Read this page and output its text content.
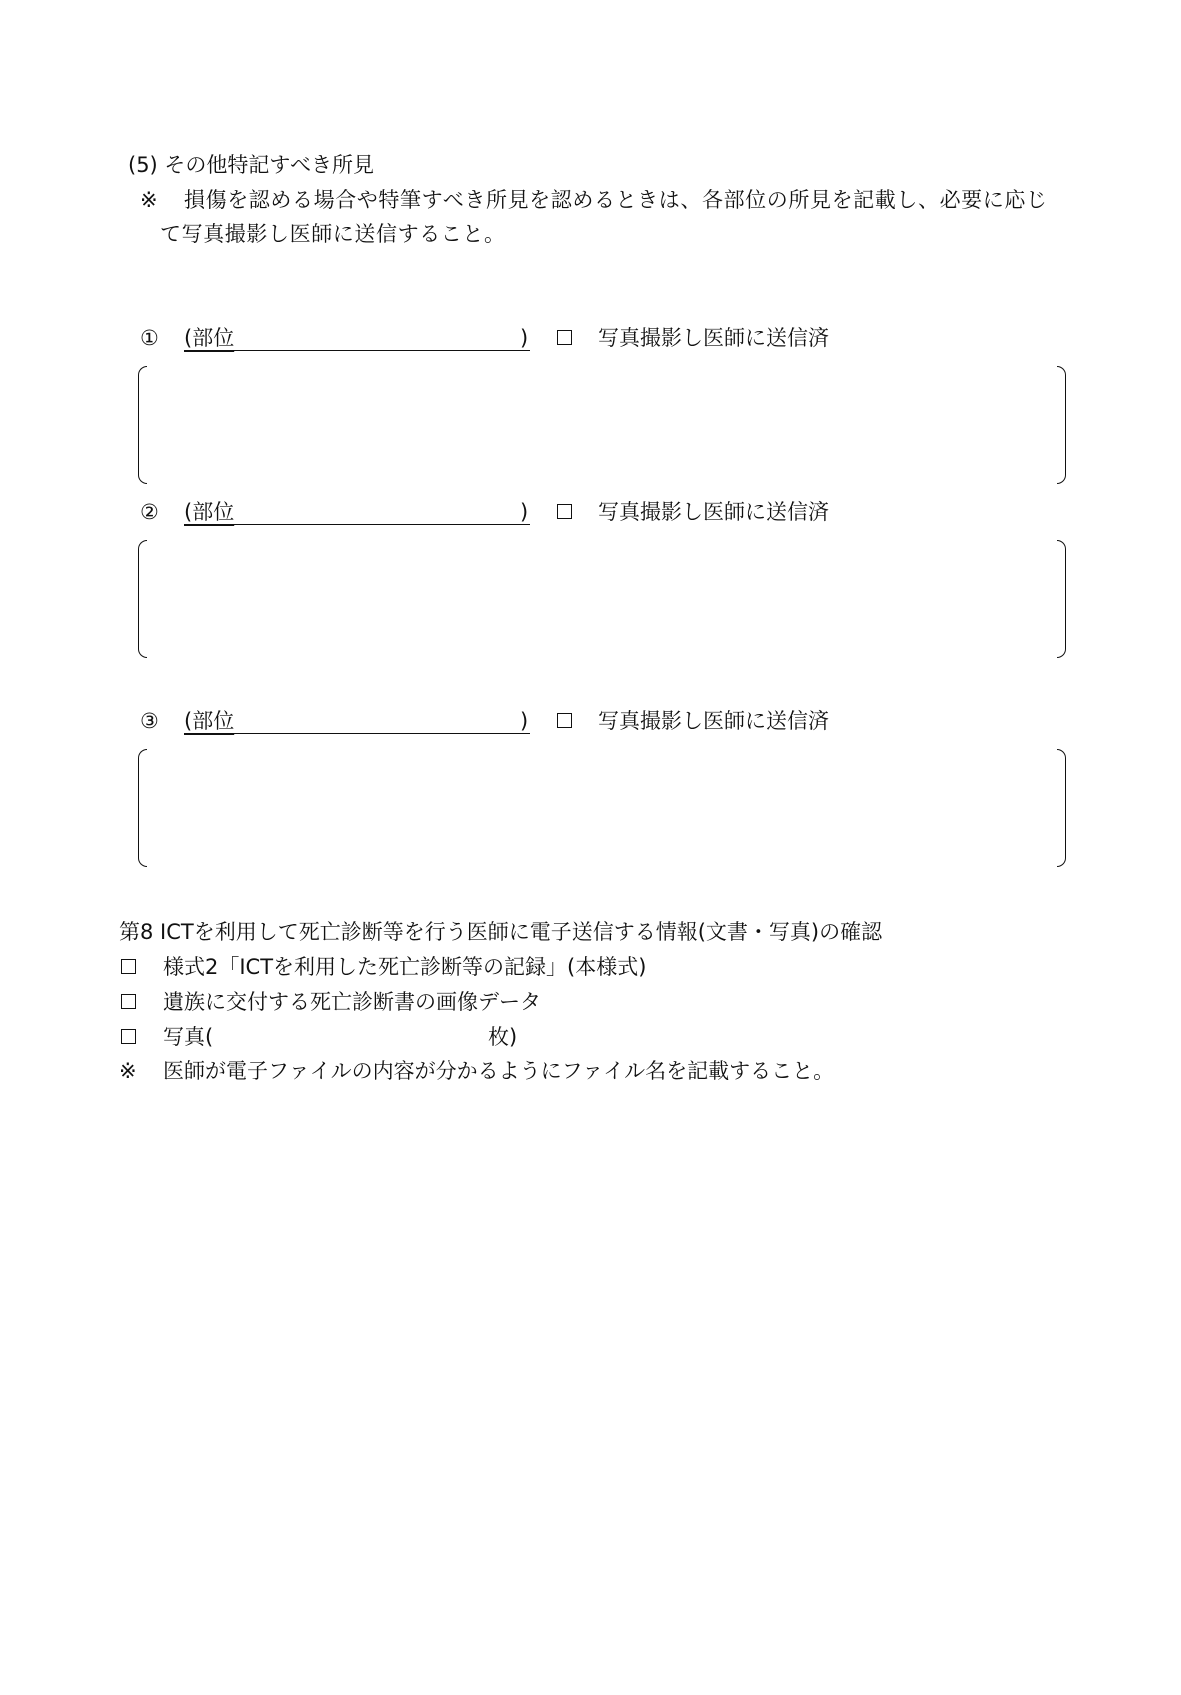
(5) その他特記すべき所見
※ 損傷を認める場合や特筆すべき所見を認めるときは、各部位の所見を記載し、必要に応じ
て写真撮影し医師に送信すること。
① (部位	)	写真撮影し医師に送信済
② (部位	)	写真撮影し医師に送信済
③ (部位	)	写真撮影し医師に送信済
第8 ICTを利用して死亡診断等を行う医師に電子送信する情報(文書・写真)の確認
様式2「ICTを利用した死亡診断等の記録」(本様式)
遺族に交付する死亡診断書の画像データ
写真(	枚)
※ 医師が電子ファイルの内容が分かるようにファイル名を記載すること。
